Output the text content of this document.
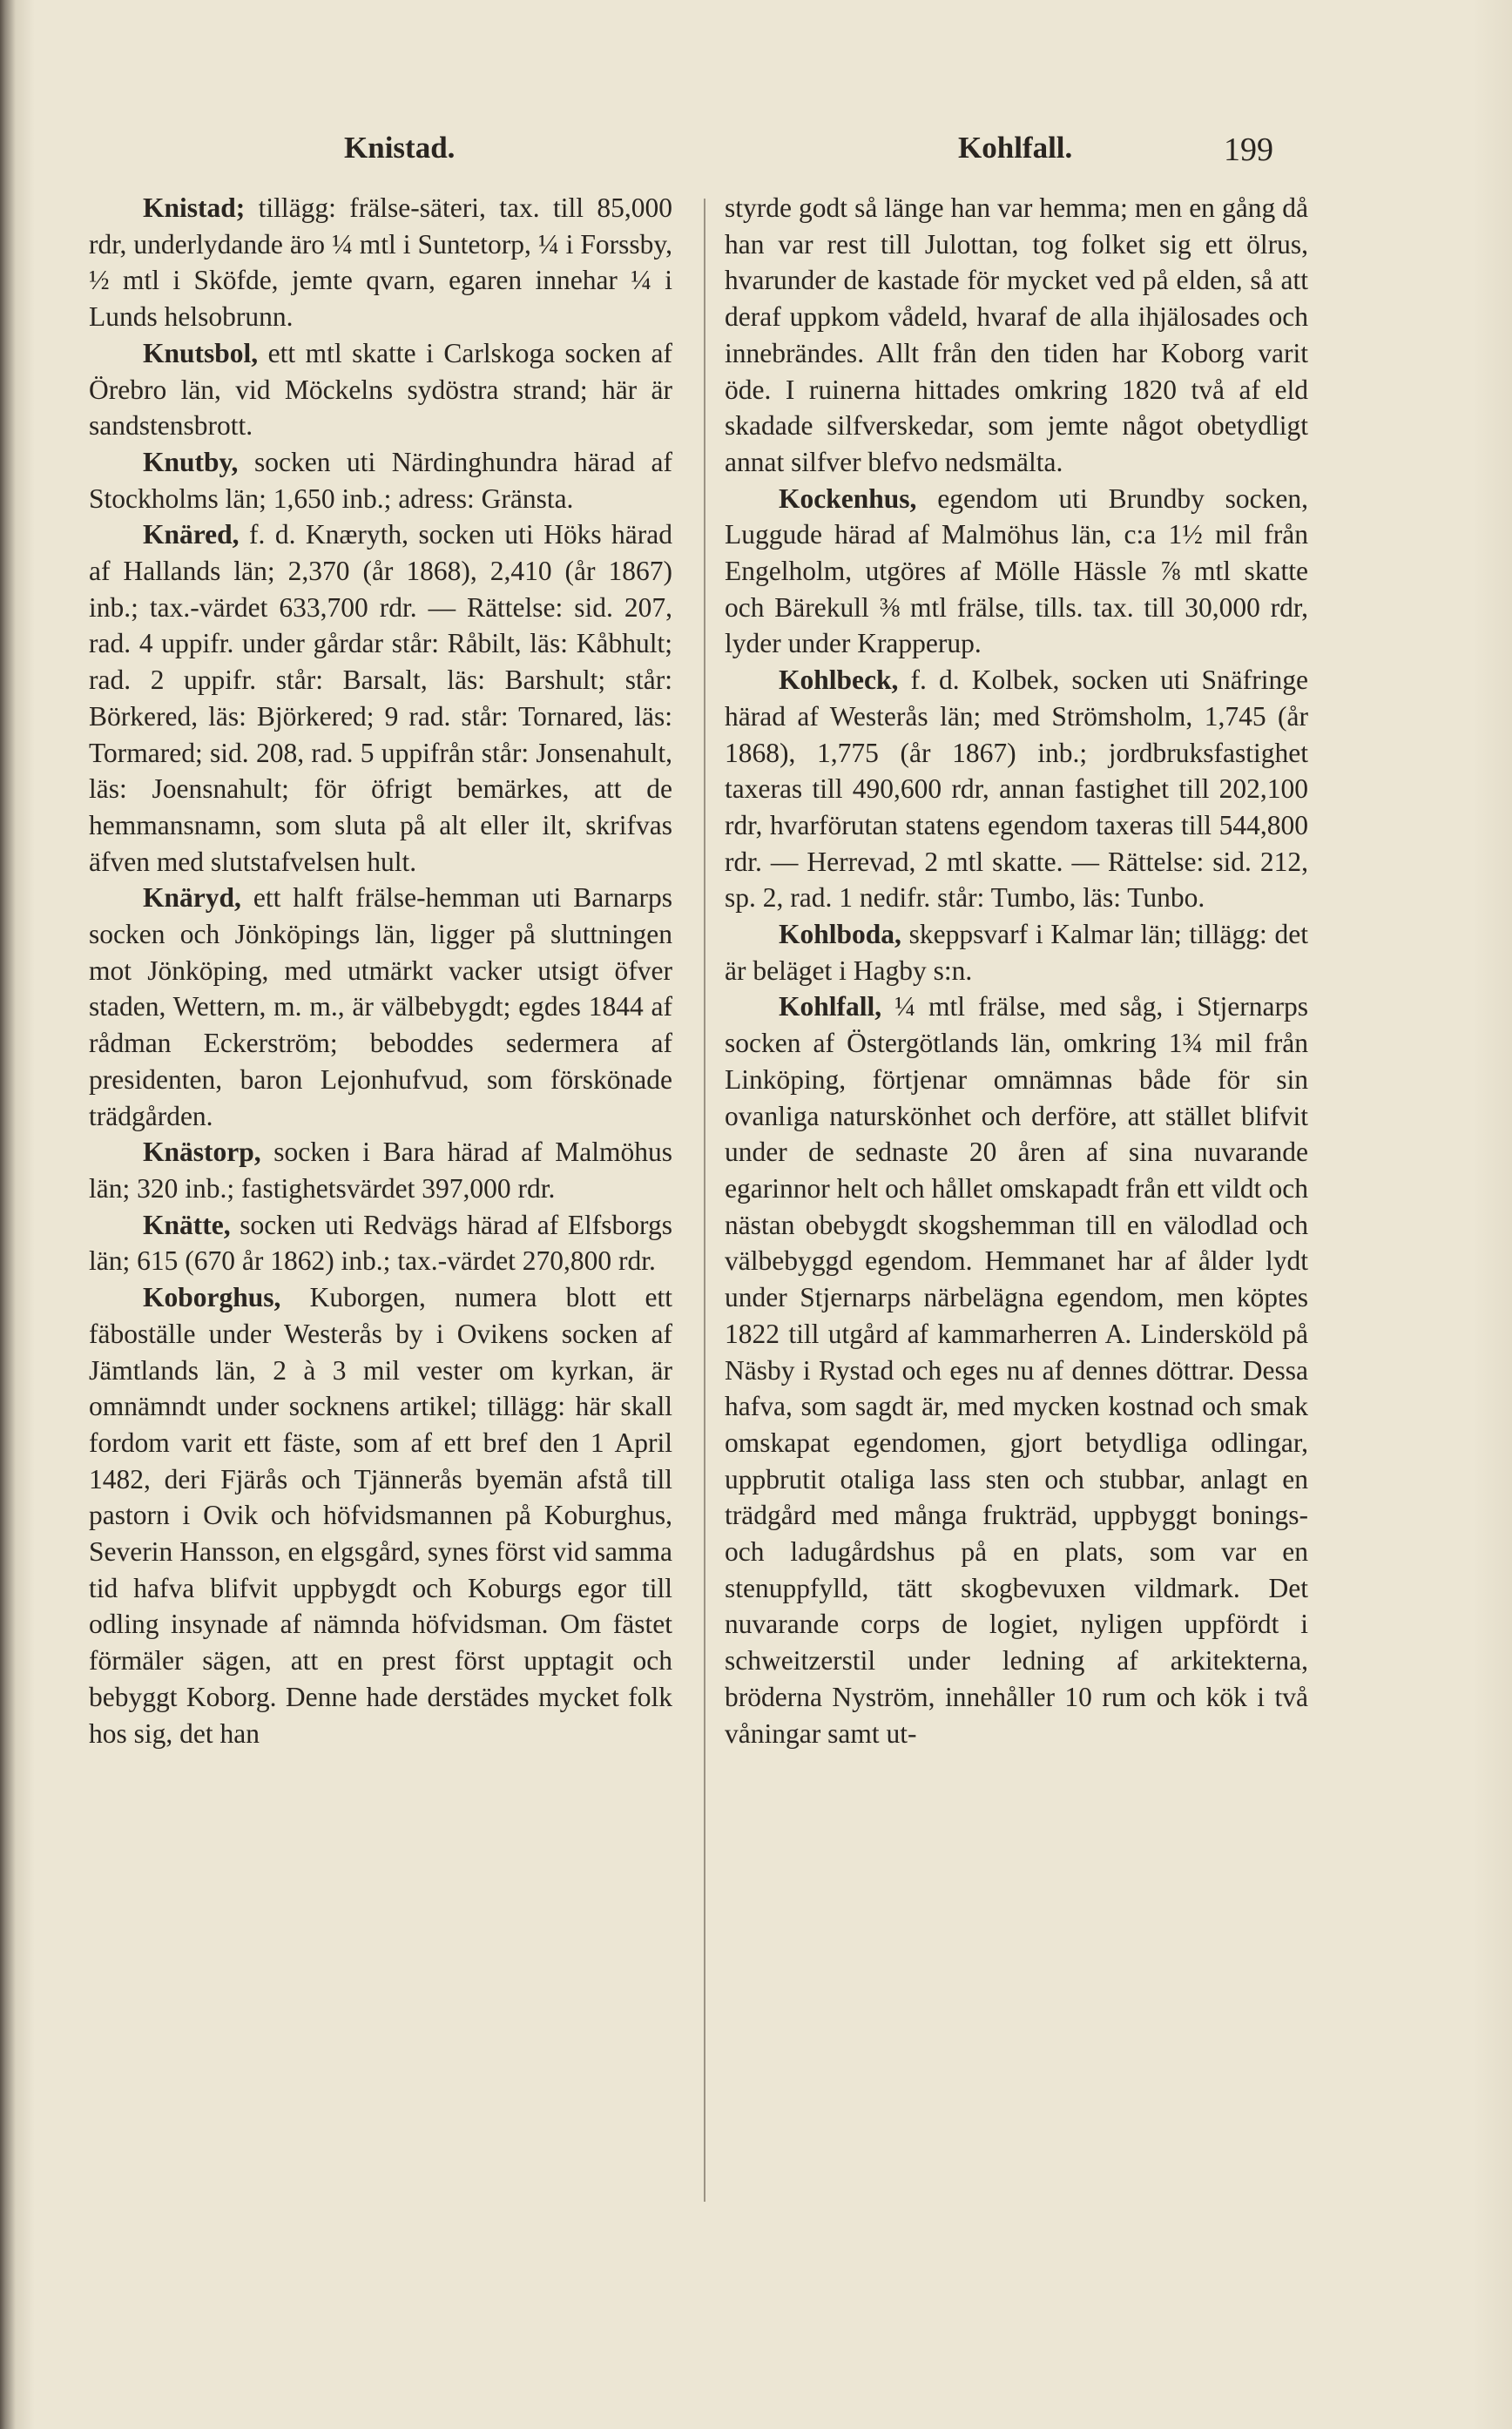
Knistad.	Kohlfall.	199

Knistad; tillägg: frälse-säteri, tax. till 85,000 rdr, underlydande äro ¼ mtl i Suntetorp, ¼ i Forssby, ½ mtl i Sköfde, jemte qvarn, egaren innehar ¼ i Lunds helsobrunn.

Knutsbol, ett mtl skatte i Carlskoga socken af Örebro län, vid Möckelns sydöstra strand; här är sandstensbrott.

Knutby, socken uti Närdinghundra härad af Stockholms län; 1,650 inb.; adress: Gränsta.

Knäred, f. d. Knæryth, socken uti Höks härad af Hallands län; 2,370 (år 1868), 2,410 (år 1867) inb.; tax.-värdet 633,700 rdr. — Rättelse: sid. 207, rad. 4 uppifr. under gårdar står: Råbilt, läs: Kåbhult; rad. 2 uppifr. står: Barsalt, läs: Barshult; står: Börkered, läs: Björkered; 9 rad. står: Tornared, läs: Tormared; sid. 208, rad. 5 uppifrån står: Jonsenahult, läs: Joensnahult; för öfrigt bemärkes, att de hemmansnamn, som sluta på alt eller ilt, skrifvas äfven med slutstafvelsen hult.

Knäryd, ett halft frälse-hemman uti Barnarps socken och Jönköpings län, ligger på sluttningen mot Jönköping, med utmärkt vacker utsigt öfver staden, Wettern, m. m., är välbebygdt; egdes 1844 af rådman Eckerström; beboddes sedermera af presidenten, baron Lejonhufvud, som förskönade trädgården.

Knästorp, socken i Bara härad af Malmöhus län; 320 inb.; fastighetsvärdet 397,000 rdr.

Knätte, socken uti Redvägs härad af Elfsborgs län; 615 (670 år 1862) inb.; tax.-värdet 270,800 rdr.

Koborghus, Kuborgen, numera blott ett fäboställe under Westerås by i Ovikens socken af Jämtlands län, 2 à 3 mil vester om kyrkan, är omnämndt under socknens artikel; tillägg: här skall fordom varit ett fäste, som af ett bref den 1 April 1482, deri Fjärås och Tjännerås byemän afstå till pastorn i Ovik och höfvidsmannen på Koburghus, Severin Hansson, en elgsgård, synes först vid samma tid hafva blifvit uppbygdt och Koburgs egor till odling insynade af nämnda höfvidsman. Om fästet förmäler sägen, att en prest först upptagit och bebyggt Koborg. Denne hade derstädes mycket folk hos sig, det han

styrde godt så länge han var hemma; men en gång då han var rest till Julottan, tog folket sig ett ölrus, hvarunder de kastade för mycket ved på elden, så att deraf uppkom vådeld, hvaraf de alla ihjälosades och innebrändes. Allt från den tiden har Koborg varit öde. I ruinerna hittades omkring 1820 två af eld skadade silfverskedar, som jemte något obetydligt annat silfver blefvo nedsmälta.

Kockenhus, egendom uti Brundby socken, Luggude härad af Malmöhus län, c:a 1½ mil från Engelholm, utgöres af Mölle Hässle ⅞ mtl skatte och Bärekull ⅜ mtl frälse, tills. tax. till 30,000 rdr, lyder under Krapperup.

Kohlbeck, f. d. Kolbek, socken uti Snäfringe härad af Westerås län; med Strömsholm, 1,745 (år 1868), 1,775 (år 1867) inb.; jordbruksfastighet taxeras till 490,600 rdr, annan fastighet till 202,100 rdr, hvarförutan statens egendom taxeras till 544,800 rdr. — Herrevad, 2 mtl skatte. — Rättelse: sid. 212, sp. 2, rad. 1 nedifr. står: Tumbo, läs: Tunbo.

Kohlboda, skeppsvarf i Kalmar län; tillägg: det är beläget i Hagby s:n.

Kohlfall, ¼ mtl frälse, med såg, i Stjernarps socken af Östergötlands län, omkring 1¾ mil från Linköping, förtjenar omnämnas både för sin ovanliga naturskönhet och derföre, att stället blifvit under de sednaste 20 åren af sina nuvarande egarinnor helt och hållet omskapadt från ett vildt och nästan obebygdt skogshemman till en välodlad och välbebyggd egendom. Hemmanet har af ålder lydt under Stjernarps närbelägna egendom, men köptes 1822 till utgård af kammarherren A. Lindersköld på Näsby i Rystad och eges nu af dennes döttrar. Dessa hafva, som sagdt är, med mycken kostnad och smak omskapat egendomen, gjort betydliga odlingar, uppbrutit otaliga lass sten och stubbar, anlagt en trädgård med många frukträd, uppbyggt bonings- och ladugårdshus på en plats, som var en stenuppfylld, tätt skogbevuxen vildmark. Det nuvarande corps de logiet, nyligen uppfördt i schweitzerstil under ledning af arkitekterna, bröderna Nyström, innehåller 10 rum och kök i två våningar samt ut-
